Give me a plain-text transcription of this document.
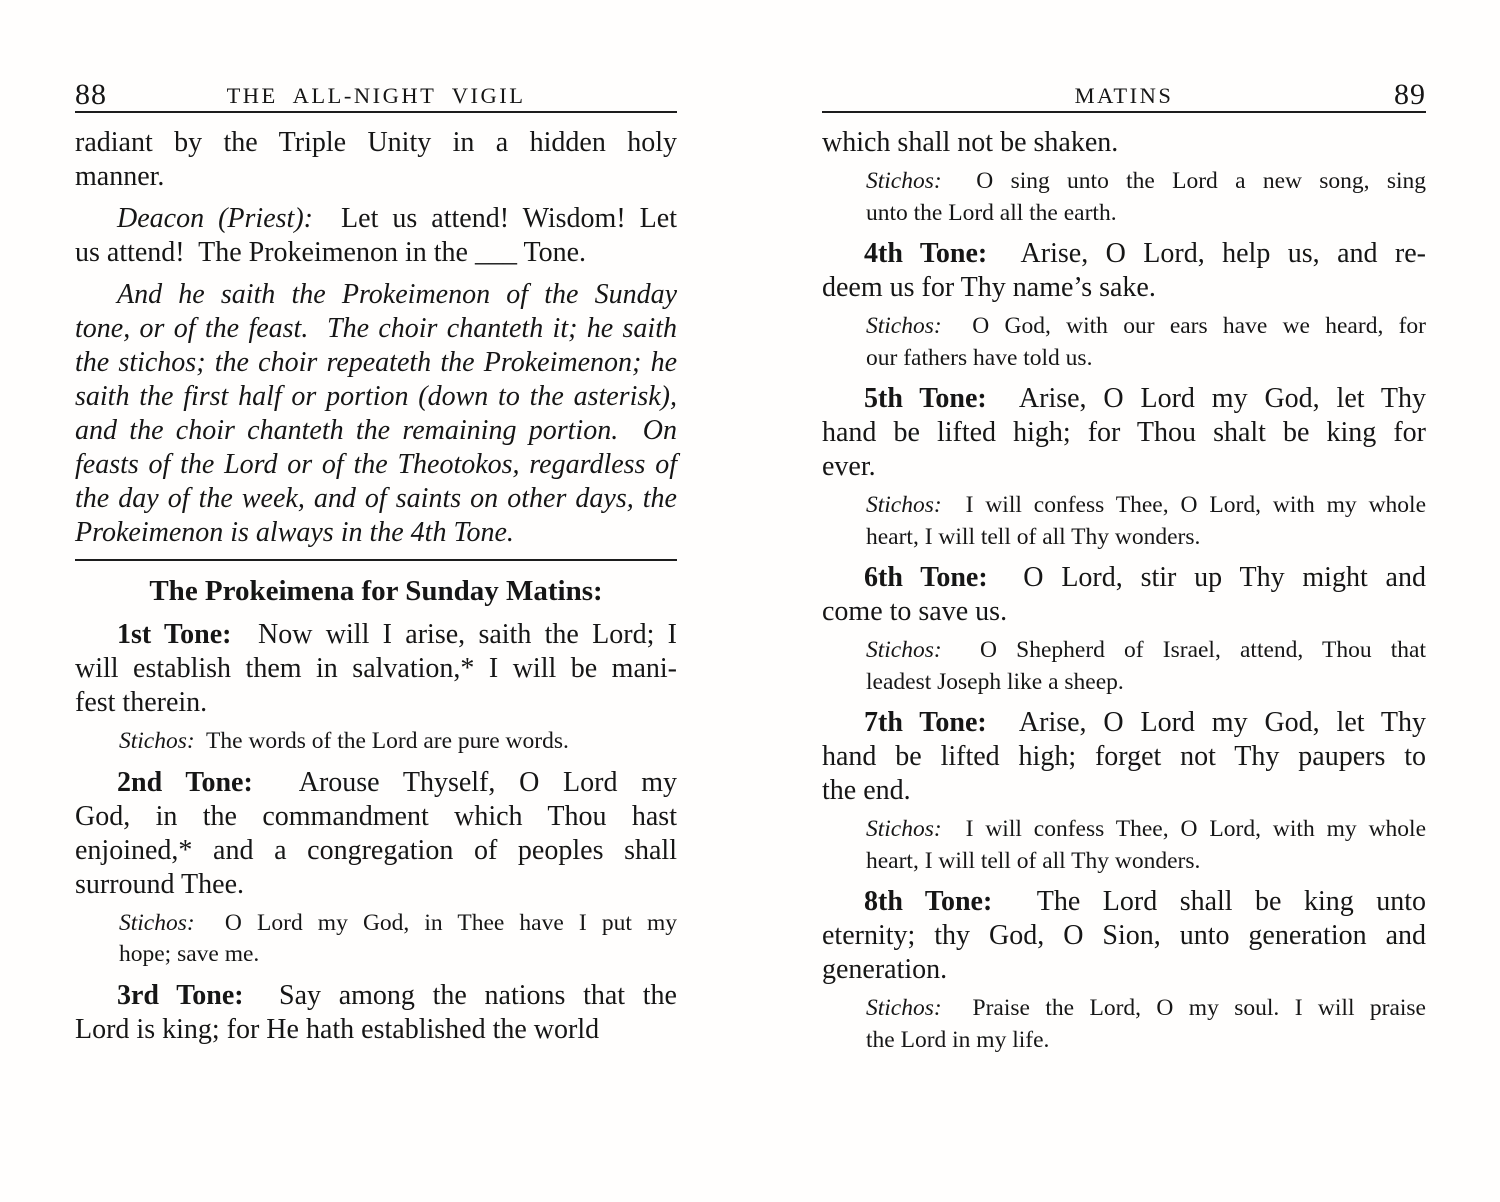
88	THE ALL-NIGHT VIGIL
radiant by the Triple Unity in a hidden holy
manner.
Deacon (Priest):  Let us attend! Wisdom! Let
us attend!  The Prokeimenon in the ___ Tone.
And he saith the Prokeimenon of the Sunday
tone, or of the feast.  The choir chanteth it; he saith
the stichos; the choir repeateth the Prokeimenon; he
saith the first half or portion (down to the asterisk),
and the choir chanteth the remaining portion.  On
feasts of the Lord or of the Theotokos, regardless of
the day of the week, and of saints on other days, the
Prokeimenon is always in the 4th Tone.
The Prokeimena for Sunday Matins:
1st Tone:  Now will I arise, saith the Lord; I
will establish them in salvation,* I will be mani-
fest therein.
Stichos:  The words of the Lord are pure words.
2nd Tone:  Arouse Thyself, O Lord my
God, in the commandment which Thou hast
enjoined,* and a congregation of peoples shall
surround Thee.
Stichos:  O Lord my God, in Thee have I put my
hope; save me.
3rd Tone:  Say among the nations that the
Lord is king; for He hath established the world
MATINS	89
which shall not be shaken.
Stichos:  O sing unto the Lord a new song, sing
unto the Lord all the earth.
4th Tone:  Arise, O Lord, help us, and re-
deem us for Thy name’s sake.
Stichos:  O God, with our ears have we heard, for
our fathers have told us.
5th Tone:  Arise, O Lord my God, let Thy
hand be lifted high; for Thou shalt be king for
ever.
Stichos:  I will confess Thee, O Lord, with my whole
heart, I will tell of all Thy wonders.
6th Tone:  O Lord, stir up Thy might and
come to save us.
Stichos:  O Shepherd of Israel, attend, Thou that
leadest Joseph like a sheep.
7th Tone:  Arise, O Lord my God, let Thy
hand be lifted high; forget not Thy paupers to
the end.
Stichos:  I will confess Thee, O Lord, with my whole
heart, I will tell of all Thy wonders.
8th Tone:  The Lord shall be king unto
eternity; thy God, O Sion, unto generation and
generation.
Stichos:  Praise the Lord, O my soul. I will praise
the Lord in my life.
